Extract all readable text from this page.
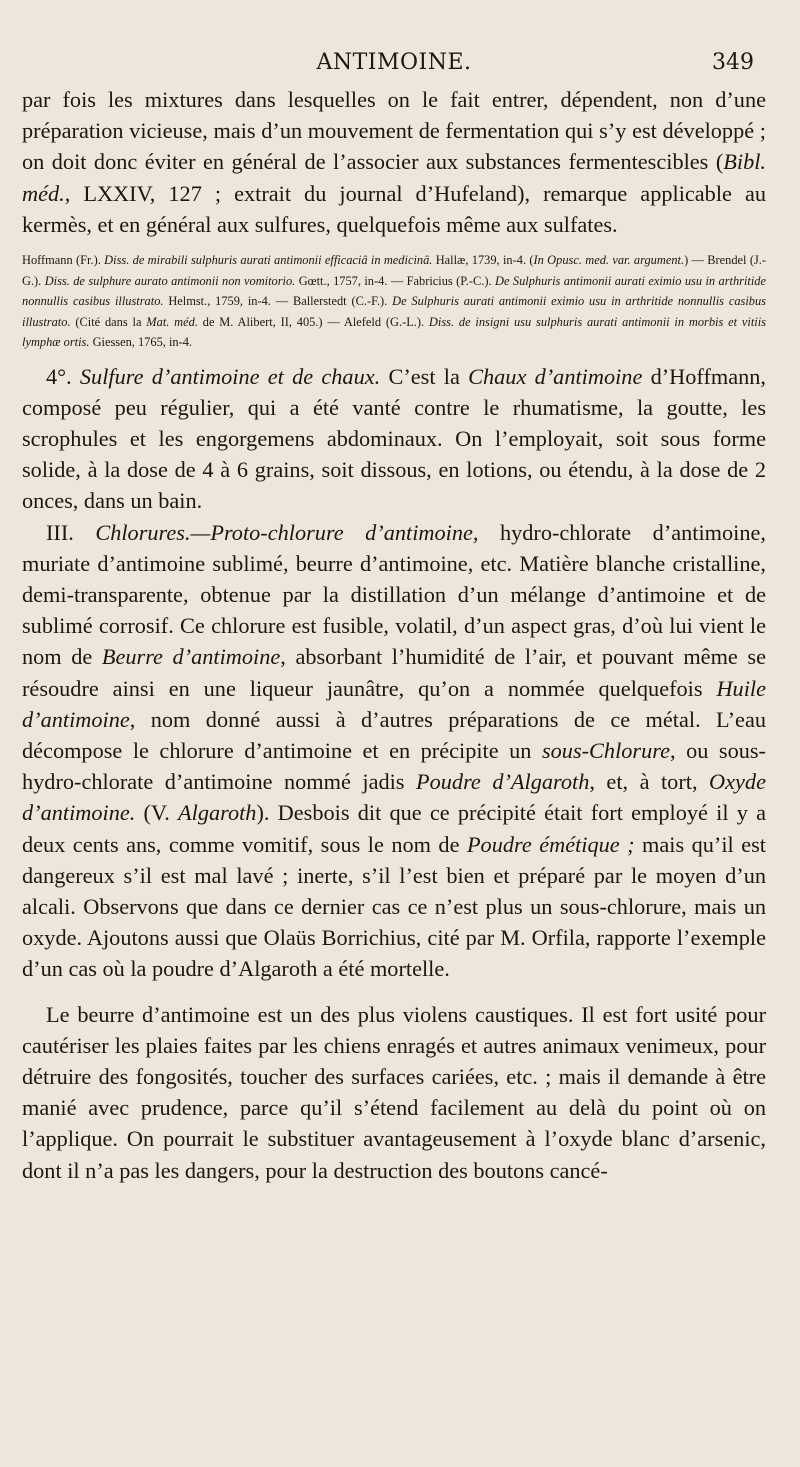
ANTIMOINE.	349

par fois les mixtures dans lesquelles on le fait entrer, dépendent, non d’une préparation vicieuse, mais d’un mouvement de fermentation qui s’y est développé ; on doit donc éviter en général de l’associer aux substances fermentescibles (Bibl. méd., LXXIV, 127 ; extrait du journal d’Hufeland), remarque applicable au kermès, et en général aux sulfures, quelquefois même aux sulfates.

Hoffmann (Fr.). Diss. de mirabili sulphuris aurati antimonii efficaciâ in medicinâ. Hallæ, 1739, in-4. (In Opusc. med. var. argument.) — Brendel (J.-G.). Diss. de sulphure aurato antimonii non vomitorio. Gœtt., 1757, in-4. — Fabricius (P.-C.). De Sulphuris antimonii aurati eximio usu in arthritide nonnullis casibus illustrato. Helmst., 1759, in-4. — Ballerstedt (C.-F.). De Sulphuris aurati antimonii eximio usu in arthritide nonnullis casibus illustrato. (Cité dans la Mat. méd. de M. Alibert, II, 405.) — Alefeld (G.-L.). Diss. de insigni usu sulphuris aurati antimonii in morbis et vitiis lymphæ ortis. Giessen, 1765, in-4.

4°. Sulfure d’antimoine et de chaux. C’est la Chaux d’antimoine d’Hoffmann, composé peu régulier, qui a été vanté contre le rhumatisme, la goutte, les scrophules et les engorgemens abdominaux. On l’employait, soit sous forme solide, à la dose de 4 à 6 grains, soit dissous, en lotions, ou étendu, à la dose de 2 onces, dans un bain.

III. Chlorures.—Proto-chlorure d’antimoine, hydro-chlorate d’antimoine, muriate d’antimoine sublimé, beurre d’antimoine, etc. Matière blanche cristalline, demi-transparente, obtenue par la distillation d’un mélange d’antimoine et de sublimé corrosif. Ce chlorure est fusible, volatil, d’un aspect gras, d’où lui vient le nom de Beurre d’antimoine, absorbant l’humidité de l’air, et pouvant même se résoudre ainsi en une liqueur jaunâtre, qu’on a nommée quelquefois Huile d’antimoine, nom donné aussi à d’autres préparations de ce métal. L’eau décompose le chlorure d’antimoine et en précipite un sous-Chlorure, ou sous-hydro-chlorate d’antimoine nommé jadis Poudre d’Algaroth, et, à tort, Oxyde d’antimoine. (V. Algaroth). Desbois dit que ce précipité était fort employé il y a deux cents ans, comme vomitif, sous le nom de Poudre émétique ; mais qu’il est dangereux s’il est mal lavé ; inerte, s’il l’est bien et préparé par le moyen d’un alcali. Observons que dans ce dernier cas ce n’est plus un sous-chlorure, mais un oxyde. Ajoutons aussi que Olaüs Borrichius, cité par M. Orfila, rapporte l’exemple d’un cas où la poudre d’Algaroth a été mortelle.

Le beurre d’antimoine est un des plus violens caustiques. Il est fort usité pour cautériser les plaies faites par les chiens enragés et autres animaux venimeux, pour détruire des fongosités, toucher des surfaces cariées, etc. ; mais il demande à être manié avec prudence, parce qu’il s’étend facilement au delà du point où on l’applique. On pourrait le substituer avantageusement à l’oxyde blanc d’arsenic, dont il n’a pas les dangers, pour la destruction des boutons cancé-
